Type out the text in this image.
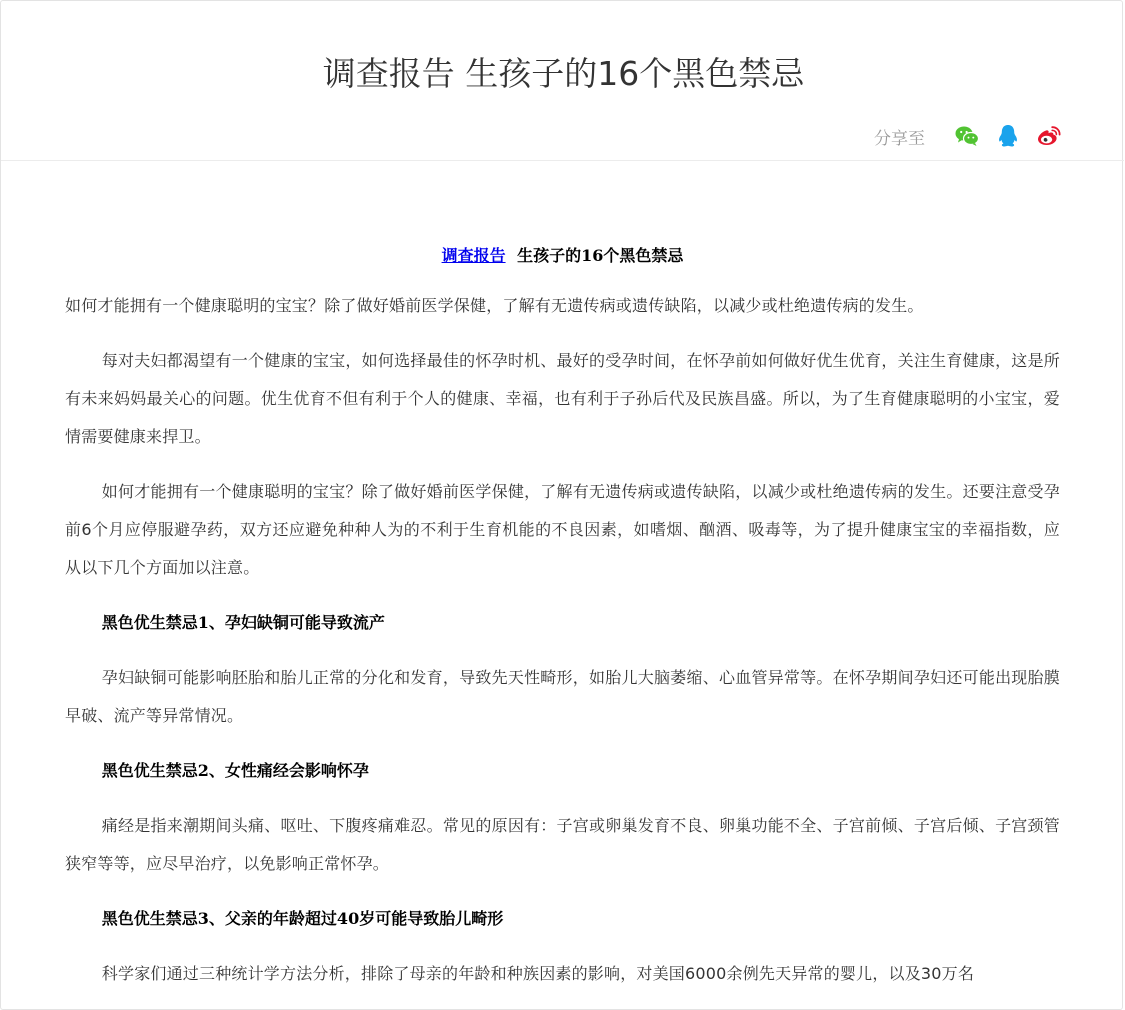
调查报告 生孩子的16个黑色禁忌
分享至
调查报告 生孩子的16个黑色禁忌

如何才能拥有一个健康聪明的宝宝？除了做好婚前医学保健，了解有无遗传病或遗传缺陷，以减少或杜绝遗传病的发生。

每对夫妇都渴望有一个健康的宝宝，如何选择最佳的怀孕时机、最好的受孕时间，在怀孕前如何做好优生优育，关注生育健康，这是所有未来妈妈最关心的问题。优生优育不但有利于个人的健康、幸福，也有利于子孙后代及民族昌盛。所以，为了生育健康聪明的小宝宝，爱情需要健康来捍卫。

如何才能拥有一个健康聪明的宝宝？除了做好婚前医学保健，了解有无遗传病或遗传缺陷，以减少或杜绝遗传病的发生。还要注意受孕前6个月应停服避孕药，双方还应避免种种人为的不利于生育机能的不良因素，如嗜烟、酗酒、吸毒等，为了提升健康宝宝的幸福指数，应从以下几个方面加以注意。

黑色优生禁忌1、孕妇缺铜可能导致流产

孕妇缺铜可能影响胚胎和胎儿正常的分化和发育，导致先天性畸形，如胎儿大脑萎缩、心血管异常等。在怀孕期间孕妇还可能出现胎膜早破、流产等异常情况。

黑色优生禁忌2、女性痛经会影响怀孕

痛经是指来潮期间头痛、呕吐、下腹疼痛难忍。常见的原因有：子宫或卵巢发育不良、卵巢功能不全、子宫前倾、子宫后倾、子宫颈管狭窄等等，应尽早治疗，以免影响正常怀孕。

黑色优生禁忌3、父亲的年龄超过40岁可能导致胎儿畸形

科学家们通过三种统计学方法分析，排除了母亲的年龄和种族因素的影响，对美国6000余例先天异常的婴儿，以及30万名
